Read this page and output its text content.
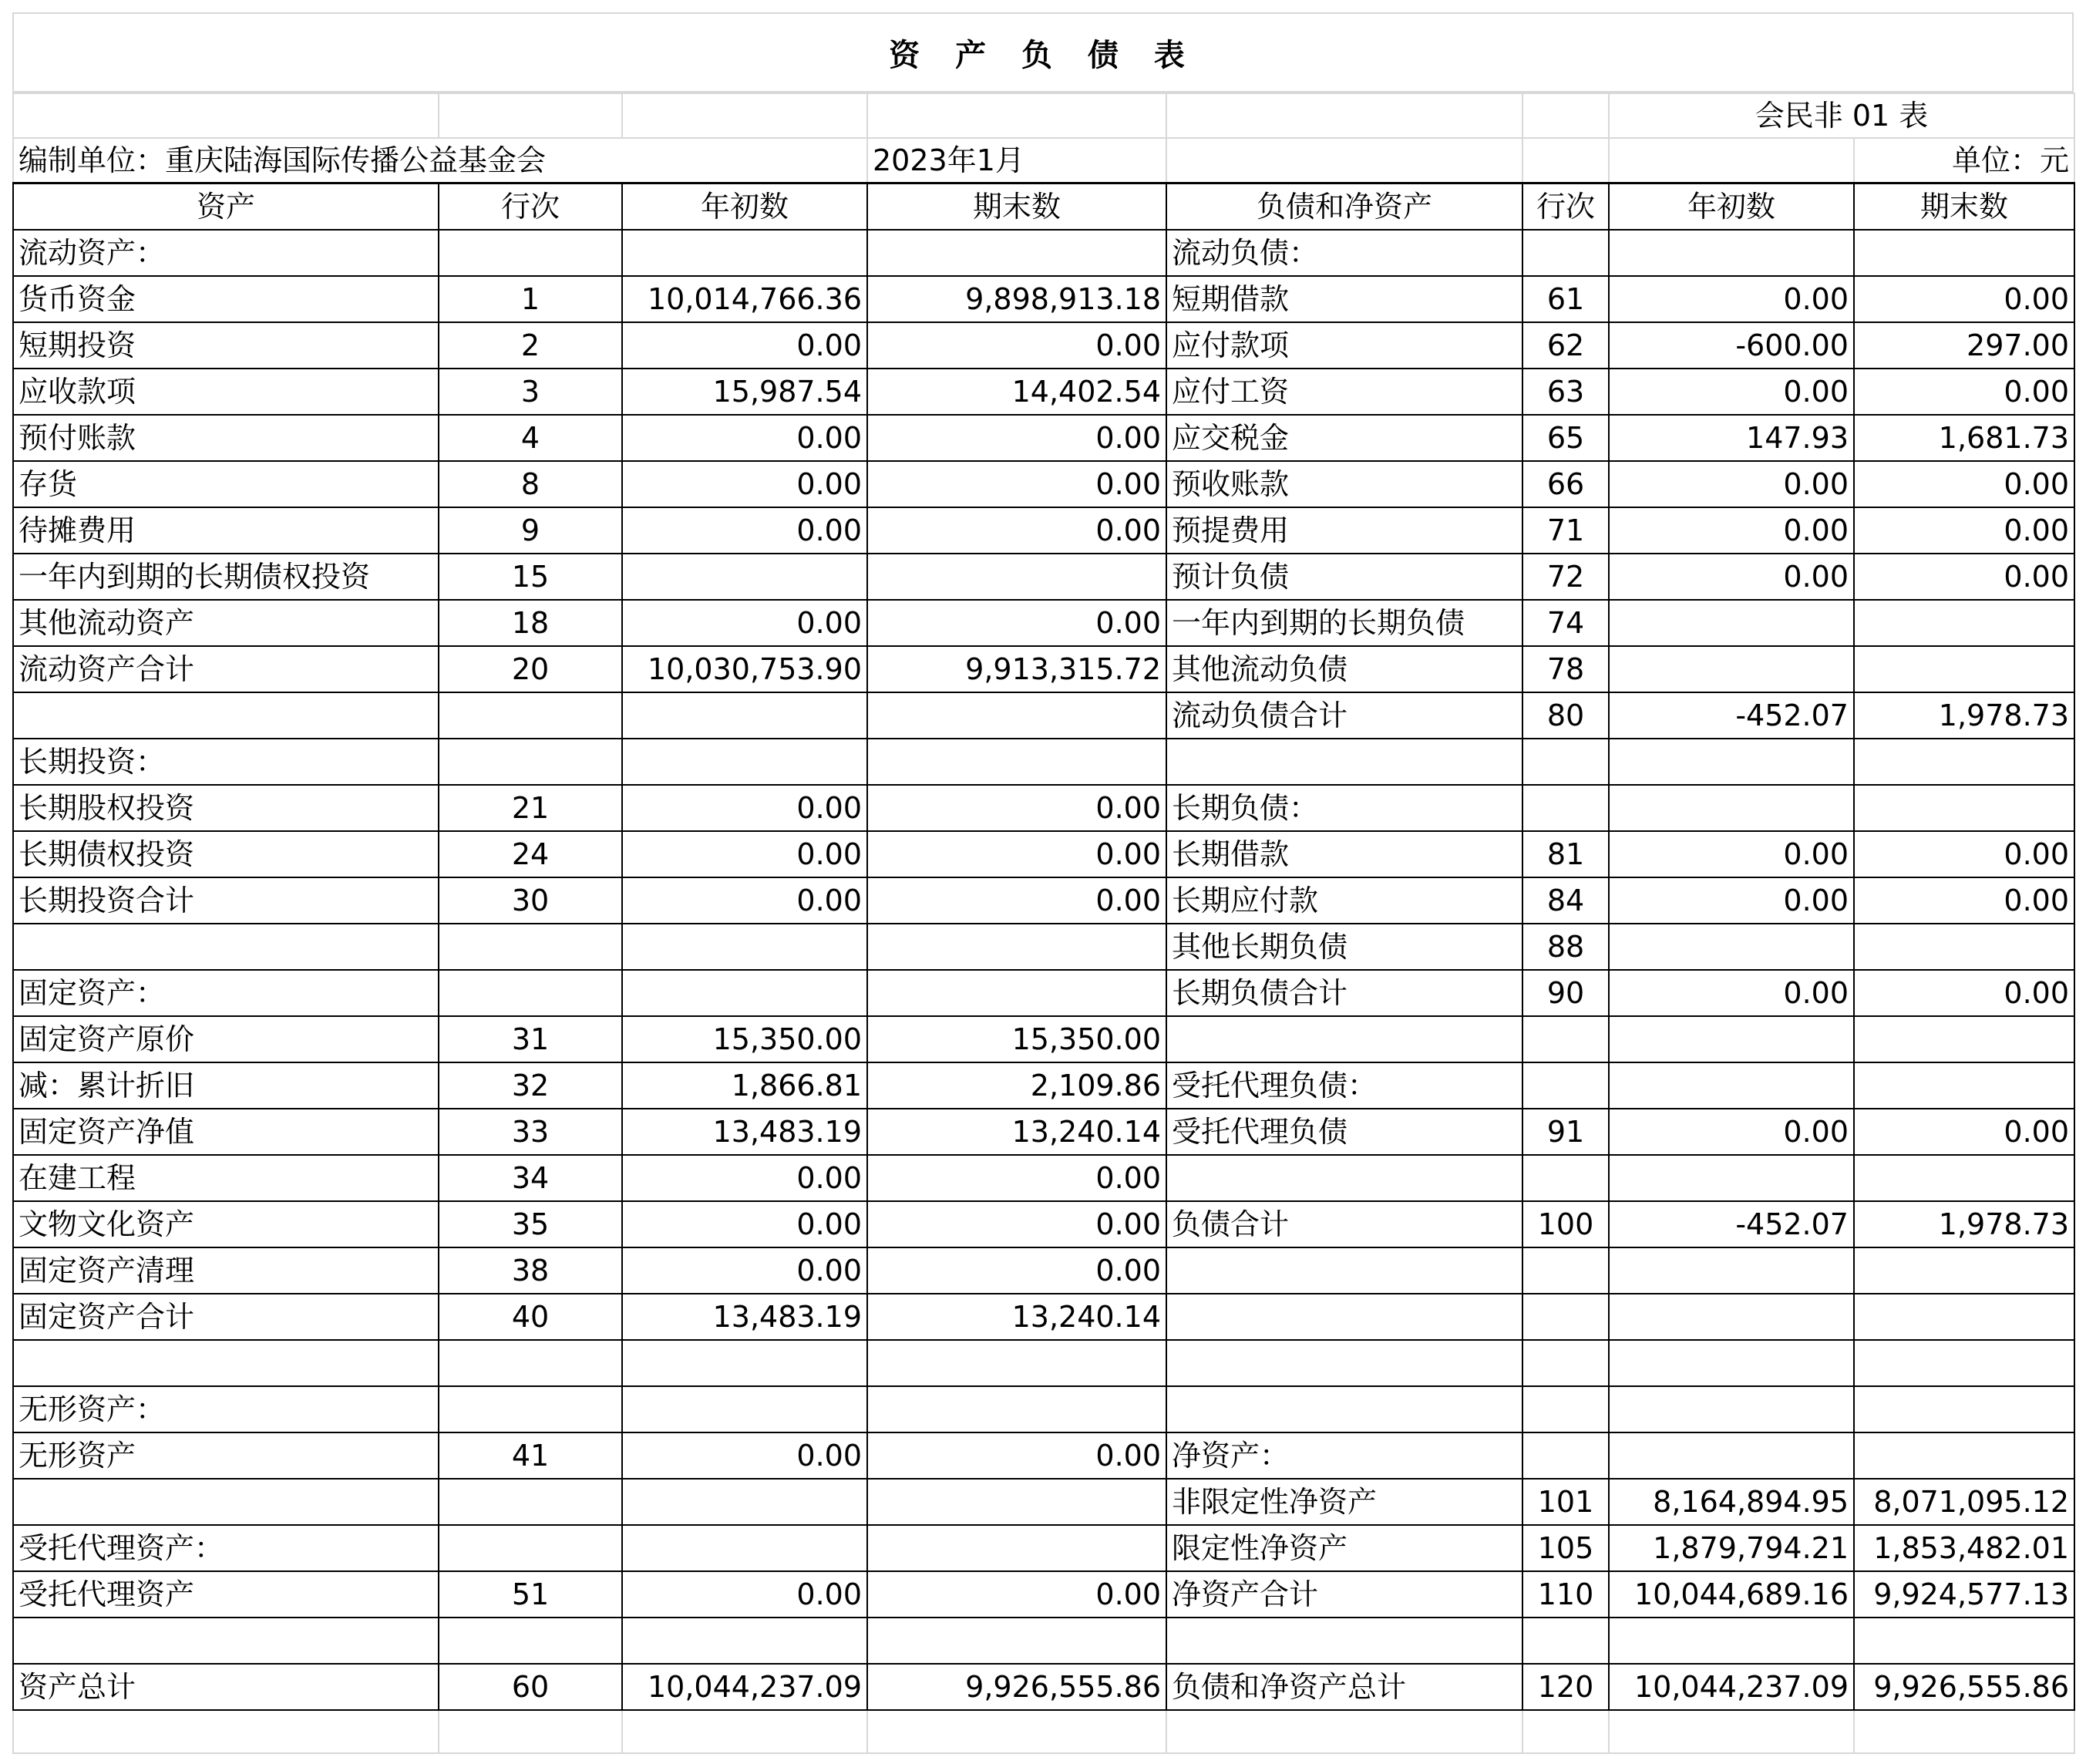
资 产 负 债 表
						会民非 01 表	
编制单位：重庆陆海国际传播公益基金会			2023年1月				单位：元
资产	行次	年初数	期末数	负债和净资产	行次	年初数	期末数
流动资产：				流动负债：			
货币资金	1	10,014,766.36	9,898,913.18	短期借款	61	0.00	0.00
短期投资	2	0.00	0.00	应付款项	62	-600.00	297.00
应收款项	3	15,987.54	14,402.54	应付工资	63	0.00	0.00
预付账款	4	0.00	0.00	应交税金	65	147.93	1,681.73
存货	8	0.00	0.00	预收账款	66	0.00	0.00
待摊费用	9	0.00	0.00	预提费用	71	0.00	0.00
一年内到期的长期债权投资	15			预计负债	72	0.00	0.00
其他流动资产	18	0.00	0.00	一年内到期的长期负债	74		
流动资产合计	20	10,030,753.90	9,913,315.72	其他流动负债	78		
				流动负债合计	80	-452.07	1,978.73
长期投资：							
长期股权投资	21	0.00	0.00	长期负债：			
长期债权投资	24	0.00	0.00	长期借款	81	0.00	0.00
长期投资合计	30	0.00	0.00	长期应付款	84	0.00	0.00
				其他长期负债	88		
固定资产：				长期负债合计	90	0.00	0.00
固定资产原价	31	15,350.00	15,350.00				
减：累计折旧	32	1,866.81	2,109.86	受托代理负债：			
固定资产净值	33	13,483.19	13,240.14	受托代理负债	91	0.00	0.00
在建工程	34	0.00	0.00				
文物文化资产	35	0.00	0.00	负债合计	100	-452.07	1,978.73
固定资产清理	38	0.00	0.00				
固定资产合计	40	13,483.19	13,240.14				

无形资产：							
无形资产	41	0.00	0.00	净资产：			
				非限定性净资产	101	8,164,894.95	8,071,095.12
受托代理资产：				限定性净资产	105	1,879,794.21	1,853,482.01
受托代理资产	51	0.00	0.00	净资产合计	110	10,044,689.16	9,924,577.13

资产总计	60	10,044,237.09	9,926,555.86	负债和净资产总计	120	10,044,237.09	9,926,555.86
